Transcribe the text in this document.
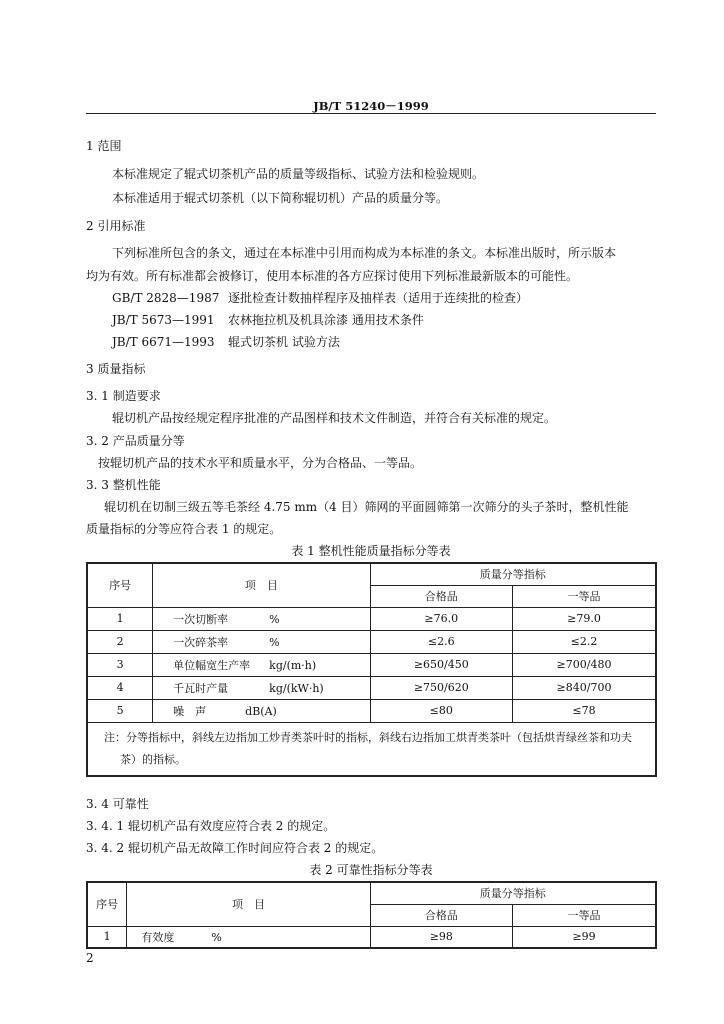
JB/T 51240－1999
1 范围
本标准规定了辊式切茶机产品的质量等级指标、试验方法和检验规则。
本标准适用于辊式切茶机（以下简称辊切机）产品的质量分等。
2 引用标准
下列标准所包含的条文，通过在本标准中引用而构成为本标准的条文。本标准出版时，所示版本
均为有效。所有标准都会被修订，使用本标准的各方应探讨使用下列标准最新版本的可能性。
GB/T 2828—1987 逐批检查计数抽样程序及抽样表（适用于连续批的检查）
JB/T 5673—1991 农林拖拉机及机具涂漆 通用技术条件
JB/T 6671—1993 辊式切茶机 试验方法
3 质量指标
3. 1 制造要求
辊切机产品按经规定程序批准的产品图样和技术文件制造，并符合有关标准的规定。
3. 2 产品质量分等
按辊切机产品的技术水平和质量水平，分为合格品、一等品。
3. 3 整机性能
辊切机在切制三级五等毛茶经 4.75 mm（4 目）筛网的平面圆筛第一次筛分的头子茶时，整机性能
质量指标的分等应符合表 1 的规定。
表 1 整机性能质量指标分等表
序号	项　目	质量分等指标	
		合格品	一等品
1	一次切断率 %	≥76.0	≥79.0
2	一次碎茶率 %	≤2.6	≤2.2
3	单位幅宽生产率 kg/(m·h)	≥650/450	≥700/480
4	千瓦时产量 kg/(kW·h)	≥750/620	≥840/700
5	噪　声 dB(A)	≤80	≤78

注：分等指标中，斜线左边指加工炒青类茶叶时的指标，斜线右边指加工烘青类茶叶（包括烘青绿丝茶和功夫
茶）的指标。			
3. 4 可靠性
3. 4. 1 辊切机产品有效度应符合表 2 的规定。
3. 4. 2 辊切机产品无故障工作时间应符合表 2 的规定。
表 2 可靠性指标分等表
序号	项　目	质量分等指标	
		合格品	一等品
1	有效度 %	≥98	≥99
2
